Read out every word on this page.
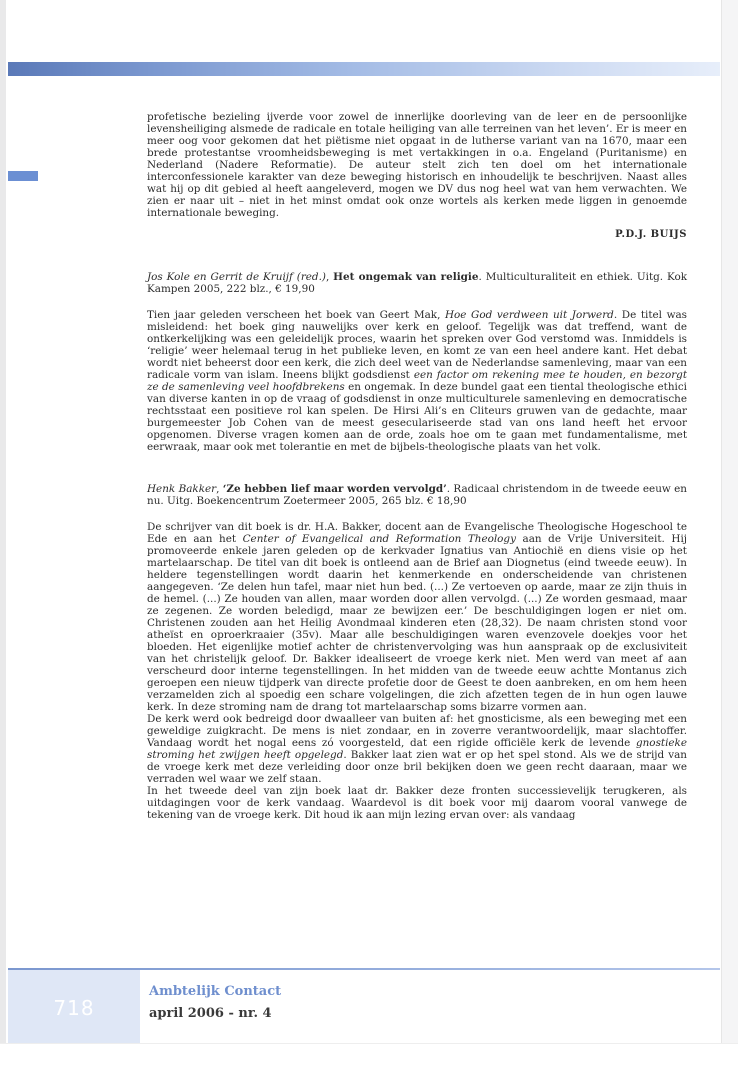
profetische bezieling ijverde voor zowel de innerlijke doorleving van de leer en de persoonlijke levensheiliging alsmede de radicale en totale heiliging van alle terreinen van het leven’. Er is meer en meer oog voor gekomen dat het piëtisme niet opgaat in de lutherse variant van na 1670, maar een brede protestantse vroomheidsbeweging is met vertakkingen in o.a. Engeland (Puritanisme) en Nederland (Nadere Reformatie). De auteur stelt zich ten doel om het internationale interconfessionele karakter van deze beweging historisch en inhoudelijk te beschrijven. Naast alles wat hij op dit gebied al heeft aangeleverd, mogen we DV dus nog heel wat van hem verwachten. We zien er naar uit – niet in het minst omdat ook onze wortels als kerken mede liggen in genoemde internationale beweging.

P.D.J. BUIJS

Jos Kole en Gerrit de Kruijf (red.), Het ongemak van religie. Multiculturaliteit en ethiek. Uitg. Kok Kampen 2005, 222 blz., € 19,90

Tien jaar geleden verscheen het boek van Geert Mak, Hoe God verdween uit Jorwerd. De titel was misleidend: het boek ging nauwelijks over kerk en geloof. Tegelijk was dat treffend, want de ontkerkelijking was een geleidelijk proces, waarin het spreken over God verstomd was. Inmiddels is ‘religie’ weer helemaal terug in het publieke leven, en komt ze van een heel andere kant. Het debat wordt niet beheerst door een kerk, die zich deel weet van de Nederlandse samenleving, maar van een radicale vorm van islam. Ineens blijkt godsdienst een factor om rekening mee te houden, en bezorgt ze de samenleving veel hoofdbrekens en ongemak. In deze bundel gaat een tiental theologische ethici van diverse kanten in op de vraag of godsdienst in onze multiculturele samenleving en democratische rechtsstaat een positieve rol kan spelen. De Hirsi Ali’s en Cliteurs gruwen van de gedachte, maar burgemeester Job Cohen van de meest geseculariseerde stad van ons land heeft het ervoor opgenomen. Diverse vragen komen aan de orde, zoals hoe om te gaan met fundamentalisme, met eerwraak, maar ook met tolerantie en met de bijbels-theologische plaats van het volk.

Henk Bakker, ‘Ze hebben lief maar worden vervolgd’. Radicaal christendom in de tweede eeuw en nu. Uitg. Boekencentrum Zoetermeer 2005, 265 blz. € 18,90

De schrijver van dit boek is dr. H.A. Bakker, docent aan de Evangelische Theologische Hogeschool te Ede en aan het Center of Evangelical and Reformation Theology aan de Vrije Universiteit. Hij promoveerde enkele jaren geleden op de kerkvader Ignatius van Antiochië en diens visie op het martelaarschap. De titel van dit boek is ontleend aan de Brief aan Diognetus (eind tweede eeuw). In heldere tegenstellingen wordt daarin het kenmerkende en onderscheidende van christenen aangegeven. ‘Ze delen hun tafel, maar niet hun bed. (...) Ze vertoeven op aarde, maar ze zijn thuis in de hemel. (...) Ze houden van allen, maar worden door allen vervolgd. (...) Ze worden gesmaad, maar ze zegenen. Ze worden beledigd, maar ze bewijzen eer.’ De beschuldigingen logen er niet om. Christenen zouden aan het Heilig Avondmaal kinderen eten (28,32). De naam christen stond voor atheïst en oproerkraaier (35v). Maar alle beschuldigingen waren evenzovele doekjes voor het bloeden. Het eigenlijke motief achter de christenvervolging was hun aanspraak op de exclusiviteit van het christelijk geloof. Dr. Bakker idealiseert de vroege kerk niet. Men werd van meet af aan verscheurd door interne tegenstellingen. In het midden van de tweede eeuw achtte Montanus zich geroepen een nieuw tijdperk van directe profetie door de Geest te doen aanbreken, en om hem heen verzamelden zich al spoedig een schare volgelingen, die zich afzetten tegen de in hun ogen lauwe kerk. In deze stroming nam de drang tot martelaarschap soms bizarre vormen aan.

De kerk werd ook bedreigd door dwaalleer van buiten af: het gnosticisme, als een beweging met een geweldige zuigkracht. De mens is niet zondaar, en in zoverre verantwoordelijk, maar slachtoffer. Vandaag wordt het nogal eens zó voorgesteld, dat een rigide officiële kerk de levende gnostieke stroming het zwijgen heeft opgelegd. Bakker laat zien wat er op het spel stond. Als we de strijd van de vroege kerk met deze verleiding door onze bril bekijken doen we geen recht daaraan, maar we verraden wel waar we zelf staan.

In het tweede deel van zijn boek laat dr. Bakker deze fronten successievelijk terugkeren, als uitdagingen voor de kerk vandaag. Waardevol is dit boek voor mij daarom vooral vanwege de tekening van de vroege kerk. Dit houd ik aan mijn lezing ervan over: als vandaag

718
Ambtelijk Contact
april 2006 - nr. 4
